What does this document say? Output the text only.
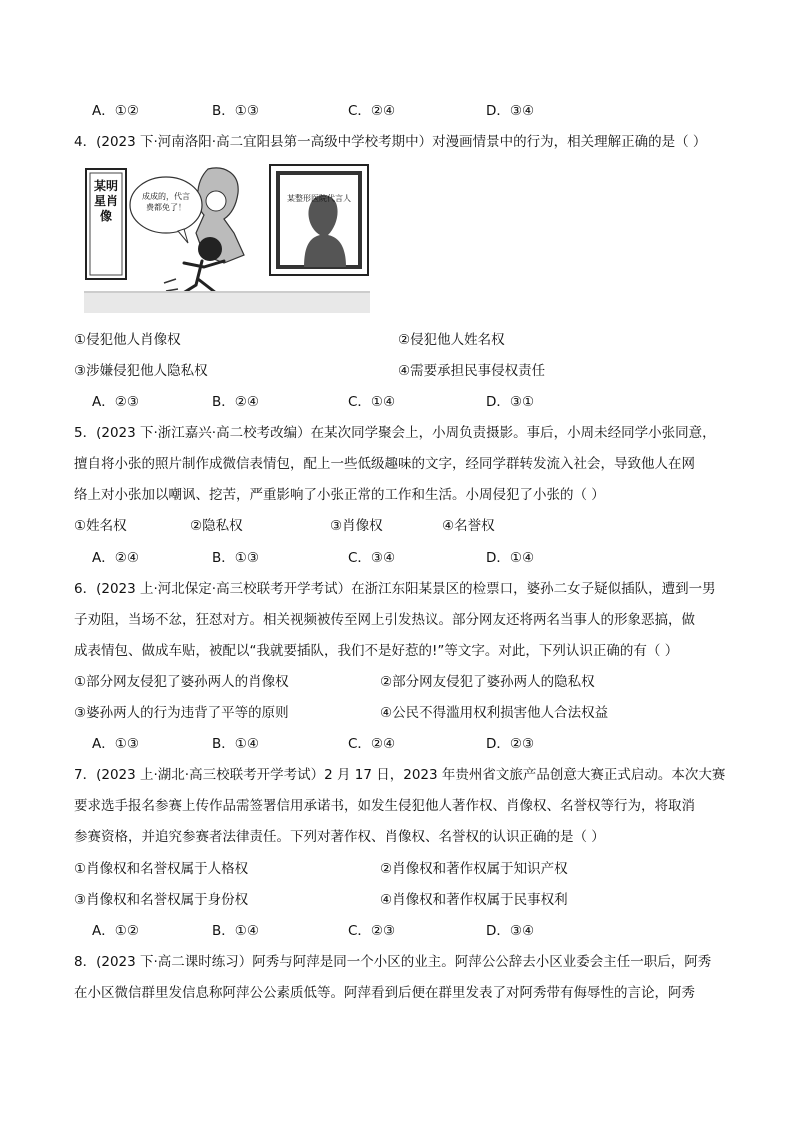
A．①②	B．①③	C．②④	D．③④
4．(2023 下·河南洛阳·高二宜阳县第一高级中学校考期中）对漫画情景中的行为，相关理解正确的是（ ）
某明星肖像
某整形医院代言人
成成的，代言费都免了！
①侵犯他人肖像权	②侵犯他人姓名权
③涉嫌侵犯他人隐私权	④需要承担民事侵权责任
A．②③	B．②④	C．①④	D．③①
5．(2023 下·浙江嘉兴·高二校考改编）在某次同学聚会上，小周负责摄影。事后，小周未经同学小张同意，
擅自将小张的照片制作成微信表情包，配上一些低级趣味的文字，经同学群转发流入社会，导致他人在网
络上对小张加以嘲讽、挖苦，严重影响了小张正常的工作和生活。小周侵犯了小张的（ ）
①姓名权	②隐私权	③肖像权	④名誉权
A．②④	B．①③	C．③④	D．①④
6．(2023 上·河北保定·高三校联考开学考试）在浙江东阳某景区的检票口，婆孙二女子疑似插队，遭到一男
子劝阻，当场不忿，狂怼对方。相关视频被传至网上引发热议。部分网友还将两名当事人的形象恶搞，做
成表情包、做成车贴，被配以“我就要插队，我们不是好惹的!”等文字。对此，下列认识正确的有（ ）
①部分网友侵犯了婆孙两人的肖像权	②部分网友侵犯了婆孙两人的隐私权
③婆孙两人的行为违背了平等的原则	④公民不得滥用权利损害他人合法权益
A．①③	B．①④	C．②④	D．②③
7．(2023 上·湖北·高三校联考开学考试）2 月 17 日，2023 年贵州省文旅产品创意大赛正式启动。本次大赛
要求选手报名参赛上传作品需签署信用承诺书，如发生侵犯他人著作权、肖像权、名誉权等行为，将取消
参赛资格，并追究参赛者法律责任。下列对著作权、肖像权、名誉权的认识正确的是（ ）
①肖像权和名誉权属于人格权	②肖像权和著作权属于知识产权
③肖像权和名誉权属于身份权	④肖像权和著作权属于民事权利
A．①②	B．①④	C．②③	D．③④
8．(2023 下·高二课时练习）阿秀与阿萍是同一个小区的业主。阿萍公公辞去小区业委会主任一职后，阿秀
在小区微信群里发信息称阿萍公公素质低等。阿萍看到后便在群里发表了对阿秀带有侮辱性的言论，阿秀
